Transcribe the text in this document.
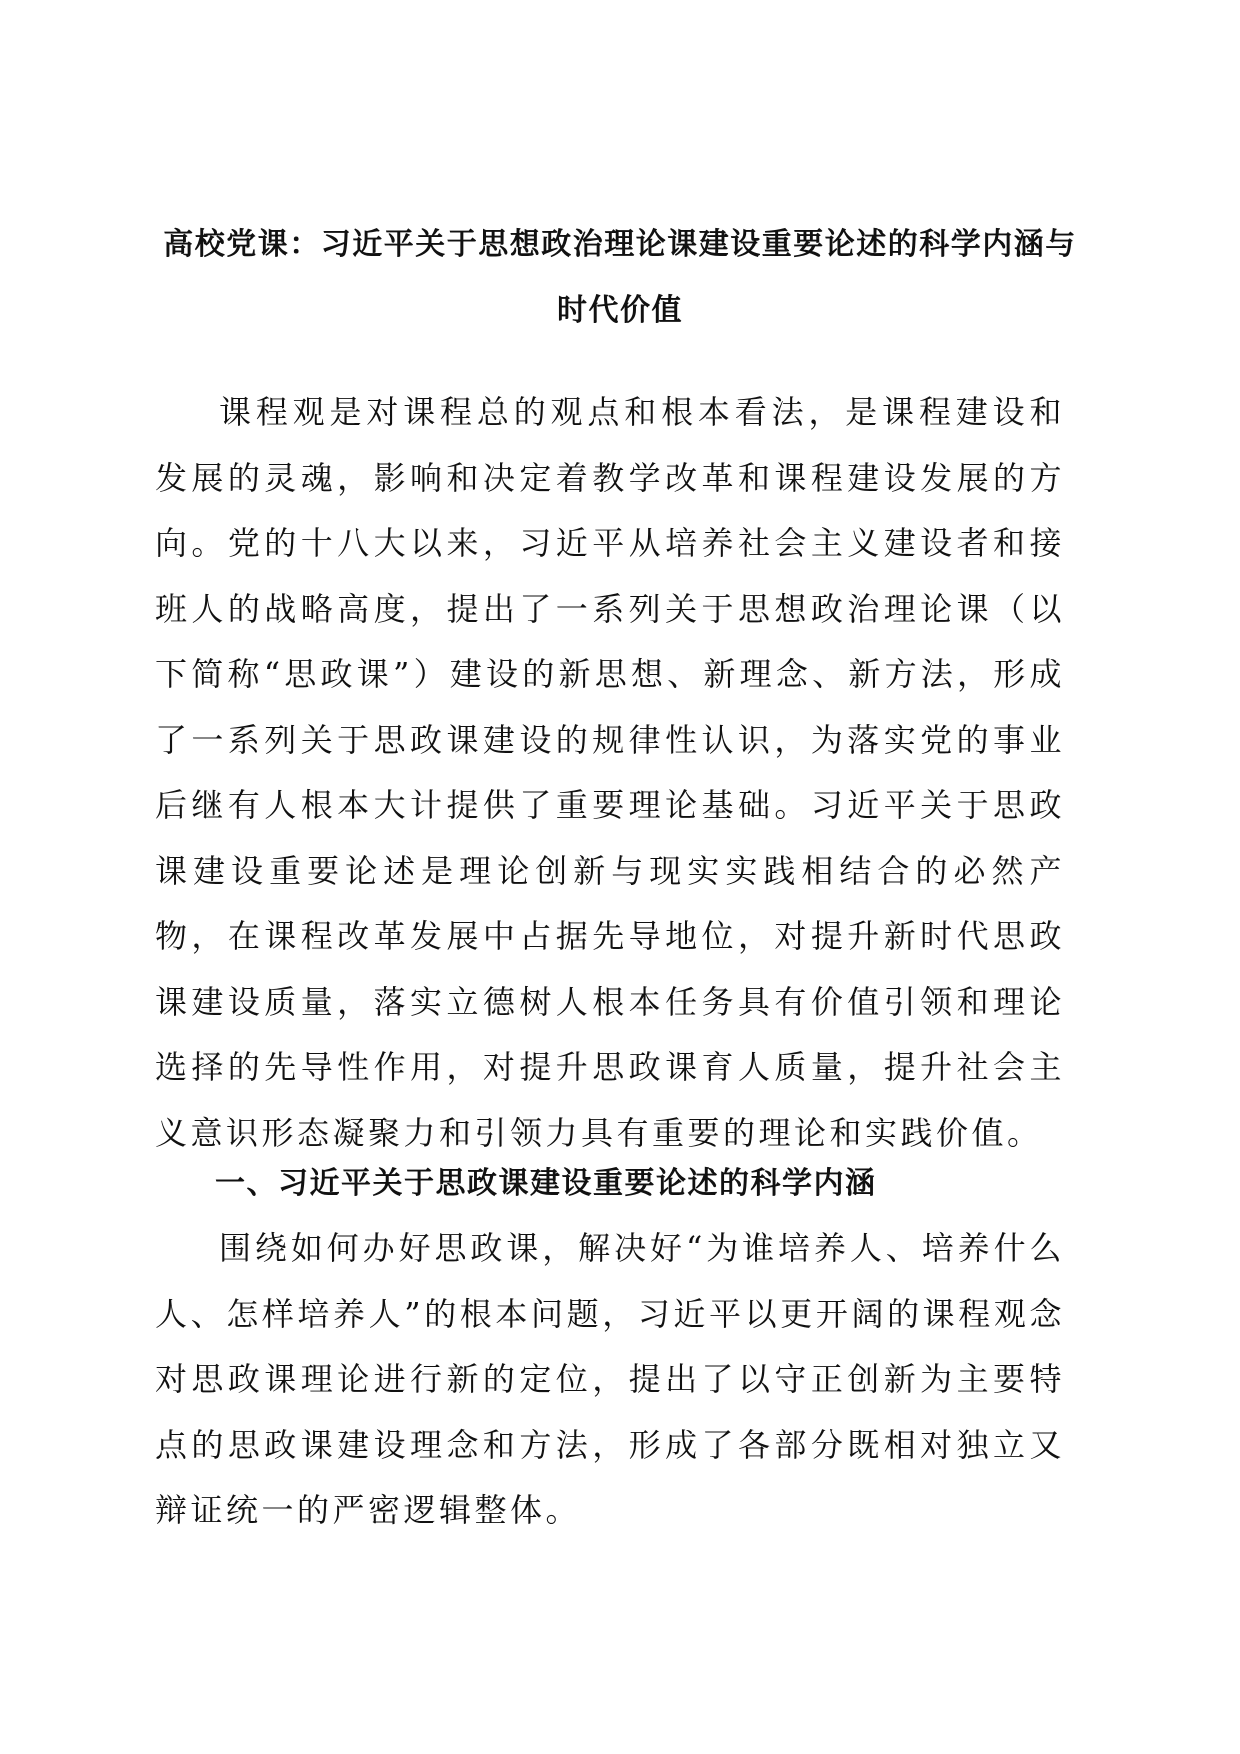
高校党课：习近平关于思想政治理论课建设重要论述的科学内涵与时代价值

课程观是对课程总的观点和根本看法，是课程建设和发展的灵魂，影响和决定着教学改革和课程建设发展的方向。党的十八大以来，习近平从培养社会主义建设者和接班人的战略高度，提出了一系列关于思想政治理论课（以下简称“思政课”）建设的新思想、新理念、新方法，形成了一系列关于思政课建设的规律性认识，为落实党的事业后继有人根本大计提供了重要理论基础。习近平关于思政课建设重要论述是理论创新与现实实践相结合的必然产物，在课程改革发展中占据先导地位，对提升新时代思政课建设质量，落实立德树人根本任务具有价值引领和理论选择的先导性作用，对提升思政课育人质量，提升社会主义意识形态凝聚力和引领力具有重要的理论和实践价值。

一、习近平关于思政课建设重要论述的科学内涵

围绕如何办好思政课，解决好“为谁培养人、培养什么人、怎样培养人”的根本问题，习近平以更开阔的课程观念对思政课理论进行新的定位，提出了以守正创新为主要特点的思政课建设理念和方法，形成了各部分既相对独立又辩证统一的严密逻辑整体。
